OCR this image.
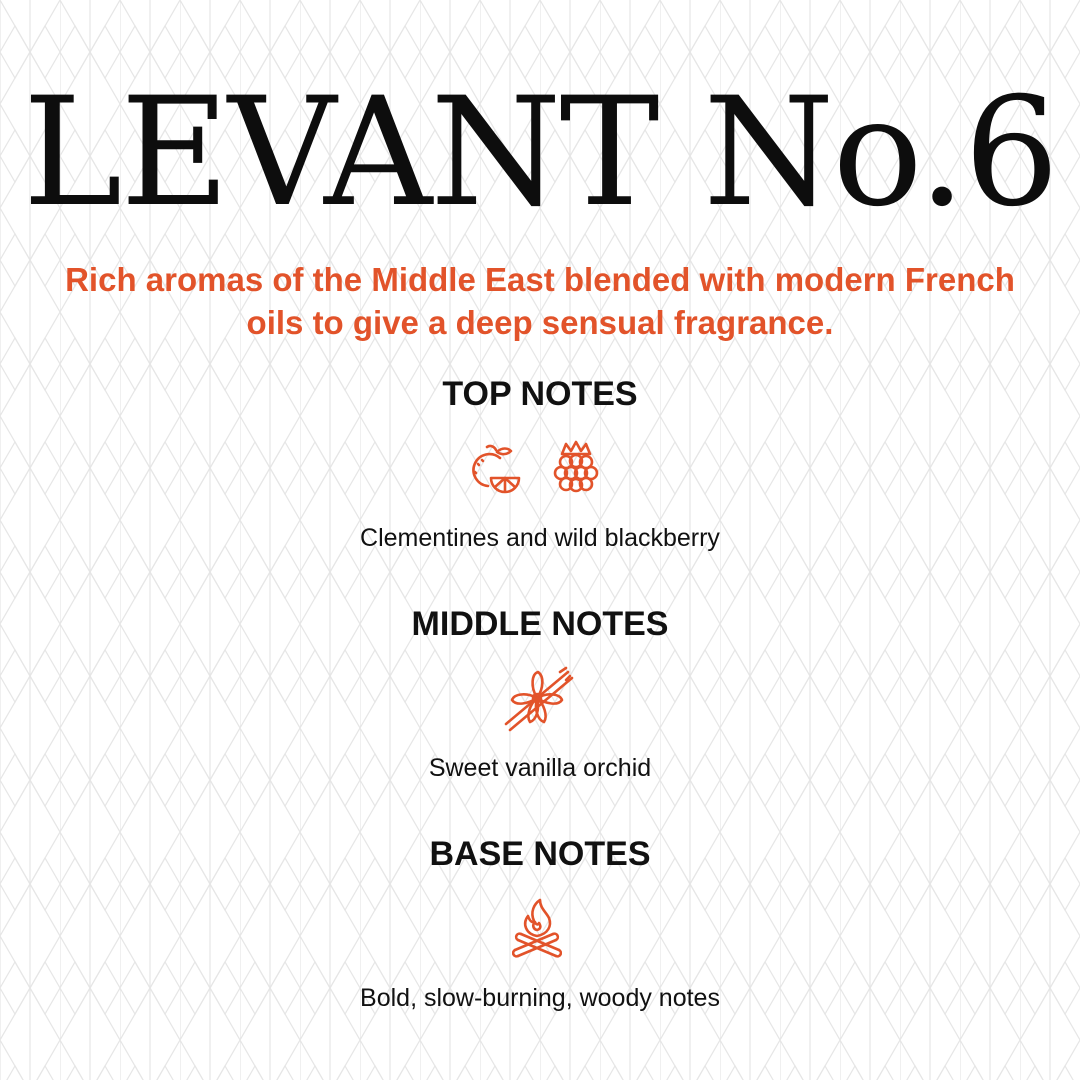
LEVANT No.6
Rich aromas of the Middle East blended with modern French oils to give a deep sensual fragrance.
TOP NOTES
Clementines and wild blackberry
MIDDLE NOTES
Sweet vanilla orchid
BASE NOTES
Bold, slow-burning, woody notes
